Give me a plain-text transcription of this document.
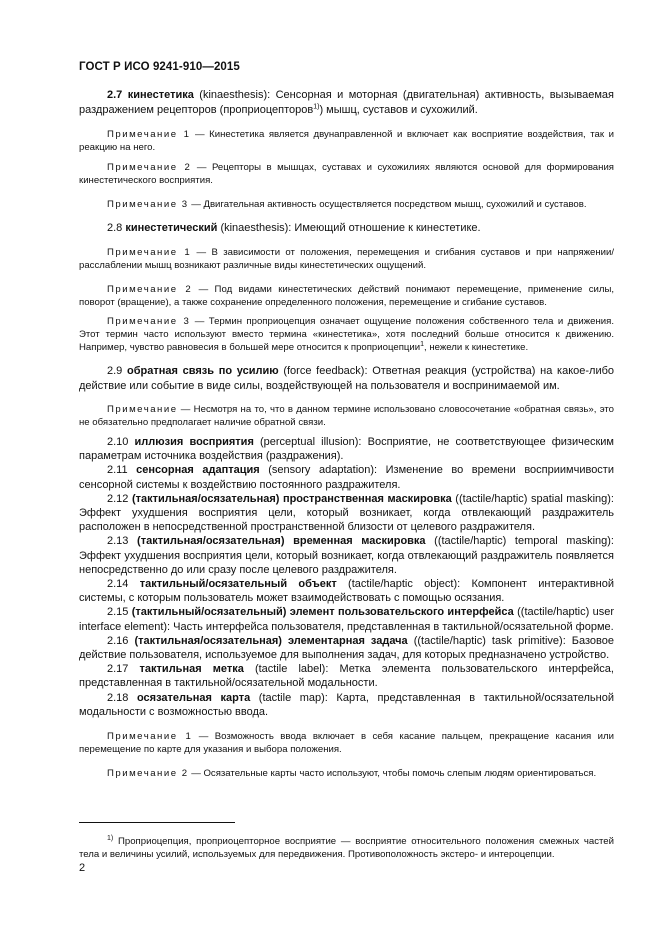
ГОСТ Р ИСО 9241-910—2015
2.7 кинестетика (kinaesthesis): Сенсорная и моторная (двигательная) активность, вызываемая раздражением рецепторов (проприоцепторов$^{1)}$) мышц, суставов и сухожилий.
Примечание 1 — Кинестетика является двунаправленной и включает как восприятие воздействия, так и реакцию на него.
Примечание 2 — Рецепторы в мышцах, суставах и сухожилиях являются основой для формирования кинестетического восприятия.
Примечание 3 — Двигательная активность осуществляется посредством мышц, сухожилий и суставов.
2.8 кинестетический (kinaesthesis): Имеющий отношение к кинестетике.
Примечание 1 — В зависимости от положения, перемещения и сгибания суставов и при напряжении/расслаблении мышц возникают различные виды кинестетических ощущений.
Примечание 2 — Под видами кинестетических действий понимают перемещение, применение силы, поворот (вращение), а также сохранение определенного положения, перемещение и сгибание суставов.
Примечание 3 — Термин проприоцепция означает ощущение положения собственного тела и движения. Этот термин часто используют вместо термина «кинестетика», хотя последний больше относится к движению. Например, чувство равновесия в большей мере относится к проприоцепции$^1$, нежели к кинестетике.
2.9 обратная связь по усилию (force feedback): Ответная реакция (устройства) на какое-либо действие или событие в виде силы, воздействующей на пользователя и воспринимаемой им.
Примечание — Несмотря на то, что в данном термине использовано словосочетание «обратная связь», это не обязательно предполагает наличие обратной связи.
2.10 иллюзия восприятия (perceptual illusion): Восприятие, не соответствующее физическим параметрам источника воздействия (раздражения).
2.11 сенсорная адаптация (sensory adaptation): Изменение во времени восприимчивости сенсорной системы к воздействию постоянного раздражителя.
2.12 (тактильная/осязательная) пространственная маскировка ((tactile/haptic) spatial masking): Эффект ухудшения восприятия цели, который возникает, когда отвлекающий раздражитель расположен в непосредственной пространственной близости от целевого раздражителя.
2.13 (тактильная/осязательная) временная маскировка ((tactile/haptic) temporal masking): Эффект ухудшения восприятия цели, который возникает, когда отвлекающий раздражитель появляется непосредственно до или сразу после целевого раздражителя.
2.14 тактильный/осязательный объект (tactile/haptic object): Компонент интерактивной системы, с которым пользователь может взаимодействовать с помощью осязания.
2.15 (тактильный/осязательный) элемент пользовательского интерфейса ((tactile/haptic) user interface element): Часть интерфейса пользователя, представленная в тактильной/осязательной форме.
2.16 (тактильная/осязательная) элементарная задача ((tactile/haptic) task primitive): Базовое действие пользователя, используемое для выполнения задач, для которых предназначено устройство.
2.17 тактильная метка (tactile label): Метка элемента пользовательского интерфейса, представленная в тактильной/осязательной модальности.
2.18 осязательная карта (tactile map): Карта, представленная в тактильной/осязательной модальности с возможностью ввода.
Примечание 1 — Возможность ввода включает в себя касание пальцем, прекращение касания или перемещение по карте для указания и выбора положения.
Примечание 2 — Осязательные карты часто используют, чтобы помочь слепым людям ориентироваться.
$^{1)}$ Проприоцепция, проприоцепторное восприятие — восприятие относительного положения смежных частей тела и величины усилий, используемых для передвижения. Противоположность экстеро- и интероцепции.
2
